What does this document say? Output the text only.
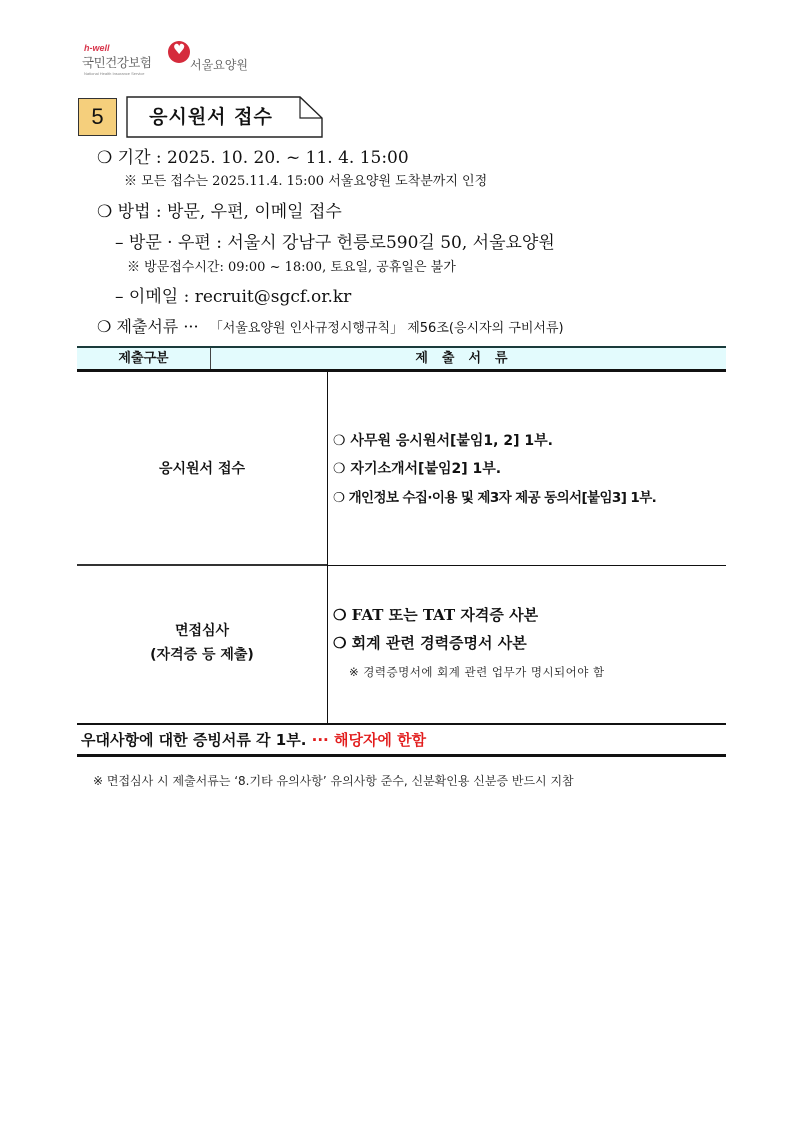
h-well
국민건강보험
National Health Insurance Service
♥
서울요양원
5	응시원서 접수
❍ 기간 : 2025. 10. 20. ~ 11. 4. 15:00
※ 모든 접수는 2025.11.4. 15:00 서울요양원 도착분까지 인정
❍ 방법 : 방문, 우편, 이메일 접수
– 방문 · 우편 : 서울시 강남구 헌릉로590길 50, 서울요양원
※ 방문접수시간: 09:00 ~ 18:00, 토요일, 공휴일은 불가
– 이메일 : recruit@sgcf.or.kr
❍ 제출서류 ··· 「서울요양원 인사규정시행규칙」 제56조(응시자의 구비서류)
제출구분	제출서류
응시원서 접수
❍ 사무원 응시원서[붙임1, 2] 1부.
❍ 자기소개서[붙임2] 1부.
❍ 개인정보 수집·이용 및 제3자 제공 동의서[붙임3] 1부.
면접심사
(자격증 등 제출)
❍ FAT 또는 TAT 자격증 사본
❍ 회계 관련 경력증명서 사본
※ 경력증명서에 회계 관련 업무가 명시되어야 함
우대사항에 대한 증빙서류 각 1부. ··· 해당자에 한함
※ 면접심사 시 제출서류는 ‘8.기타 유의사항’ 유의사항 준수, 신분확인용 신분증 반드시 지참
